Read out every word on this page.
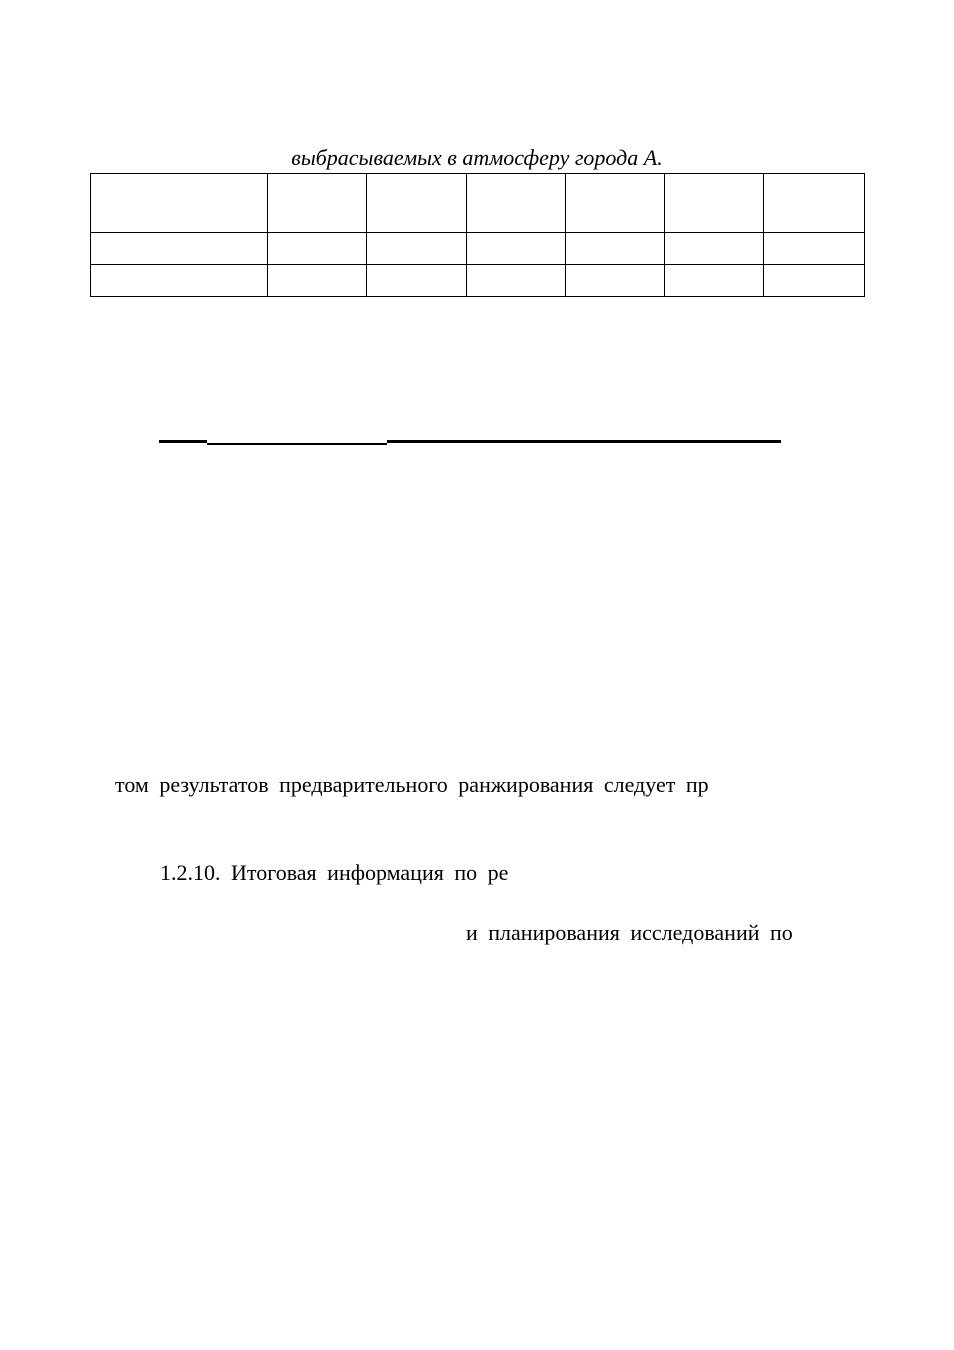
выбрасываемых в атмосферу города А.

том результатов предварительного ранжирования следует пр
1.2.10. Итоговая информация по ре
и планирования исследований по
